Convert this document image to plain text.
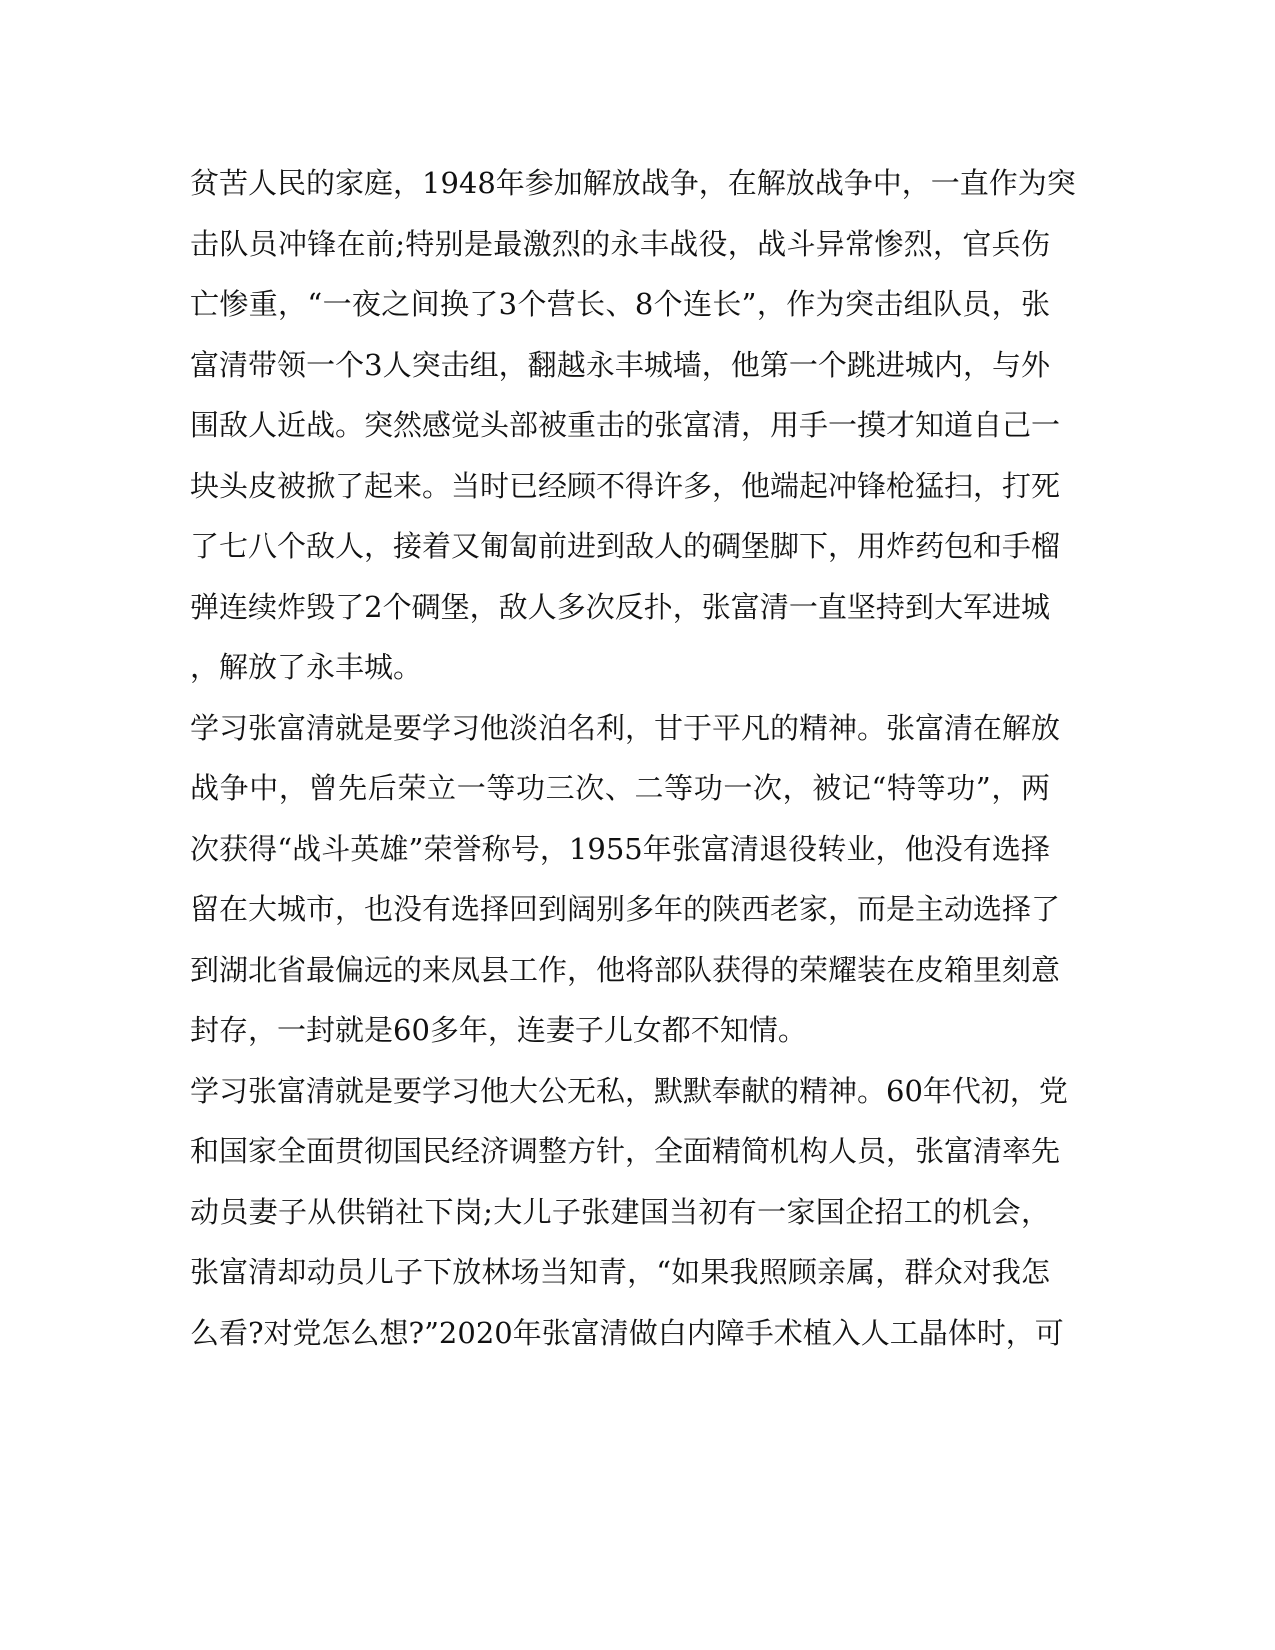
贫苦人民的家庭，1948年参加解放战争，在解放战争中，一直作为突
击队员冲锋在前;特别是最激烈的永丰战役，战斗异常惨烈，官兵伤
亡惨重，“一夜之间换了3个营长、8个连长”，作为突击组队员，张
富清带领一个3人突击组，翻越永丰城墙，他第一个跳进城内，与外
围敌人近战。突然感觉头部被重击的张富清，用手一摸才知道自己一
块头皮被掀了起来。当时已经顾不得许多，他端起冲锋枪猛扫，打死
了七八个敌人，接着又匍匐前进到敌人的碉堡脚下，用炸药包和手榴
弹连续炸毁了2个碉堡，敌人多次反扑，张富清一直坚持到大军进城
，解放了永丰城。
学习张富清就是要学习他淡泊名利，甘于平凡的精神。张富清在解放
战争中，曾先后荣立一等功三次、二等功一次，被记“特等功”，两
次获得“战斗英雄”荣誉称号，1955年张富清退役转业，他没有选择
留在大城市，也没有选择回到阔别多年的陕西老家，而是主动选择了
到湖北省最偏远的来凤县工作，他将部队获得的荣耀装在皮箱里刻意
封存，一封就是60多年，连妻子儿女都不知情。
学习张富清就是要学习他大公无私，默默奉献的精神。60年代初，党
和国家全面贯彻国民经济调整方针，全面精简机构人员，张富清率先
动员妻子从供销社下岗;大儿子张建国当初有一家国企招工的机会，
张富清却动员儿子下放林场当知青，“如果我照顾亲属，群众对我怎
么看?对党怎么想?”2020年张富清做白内障手术植入人工晶体时，可
